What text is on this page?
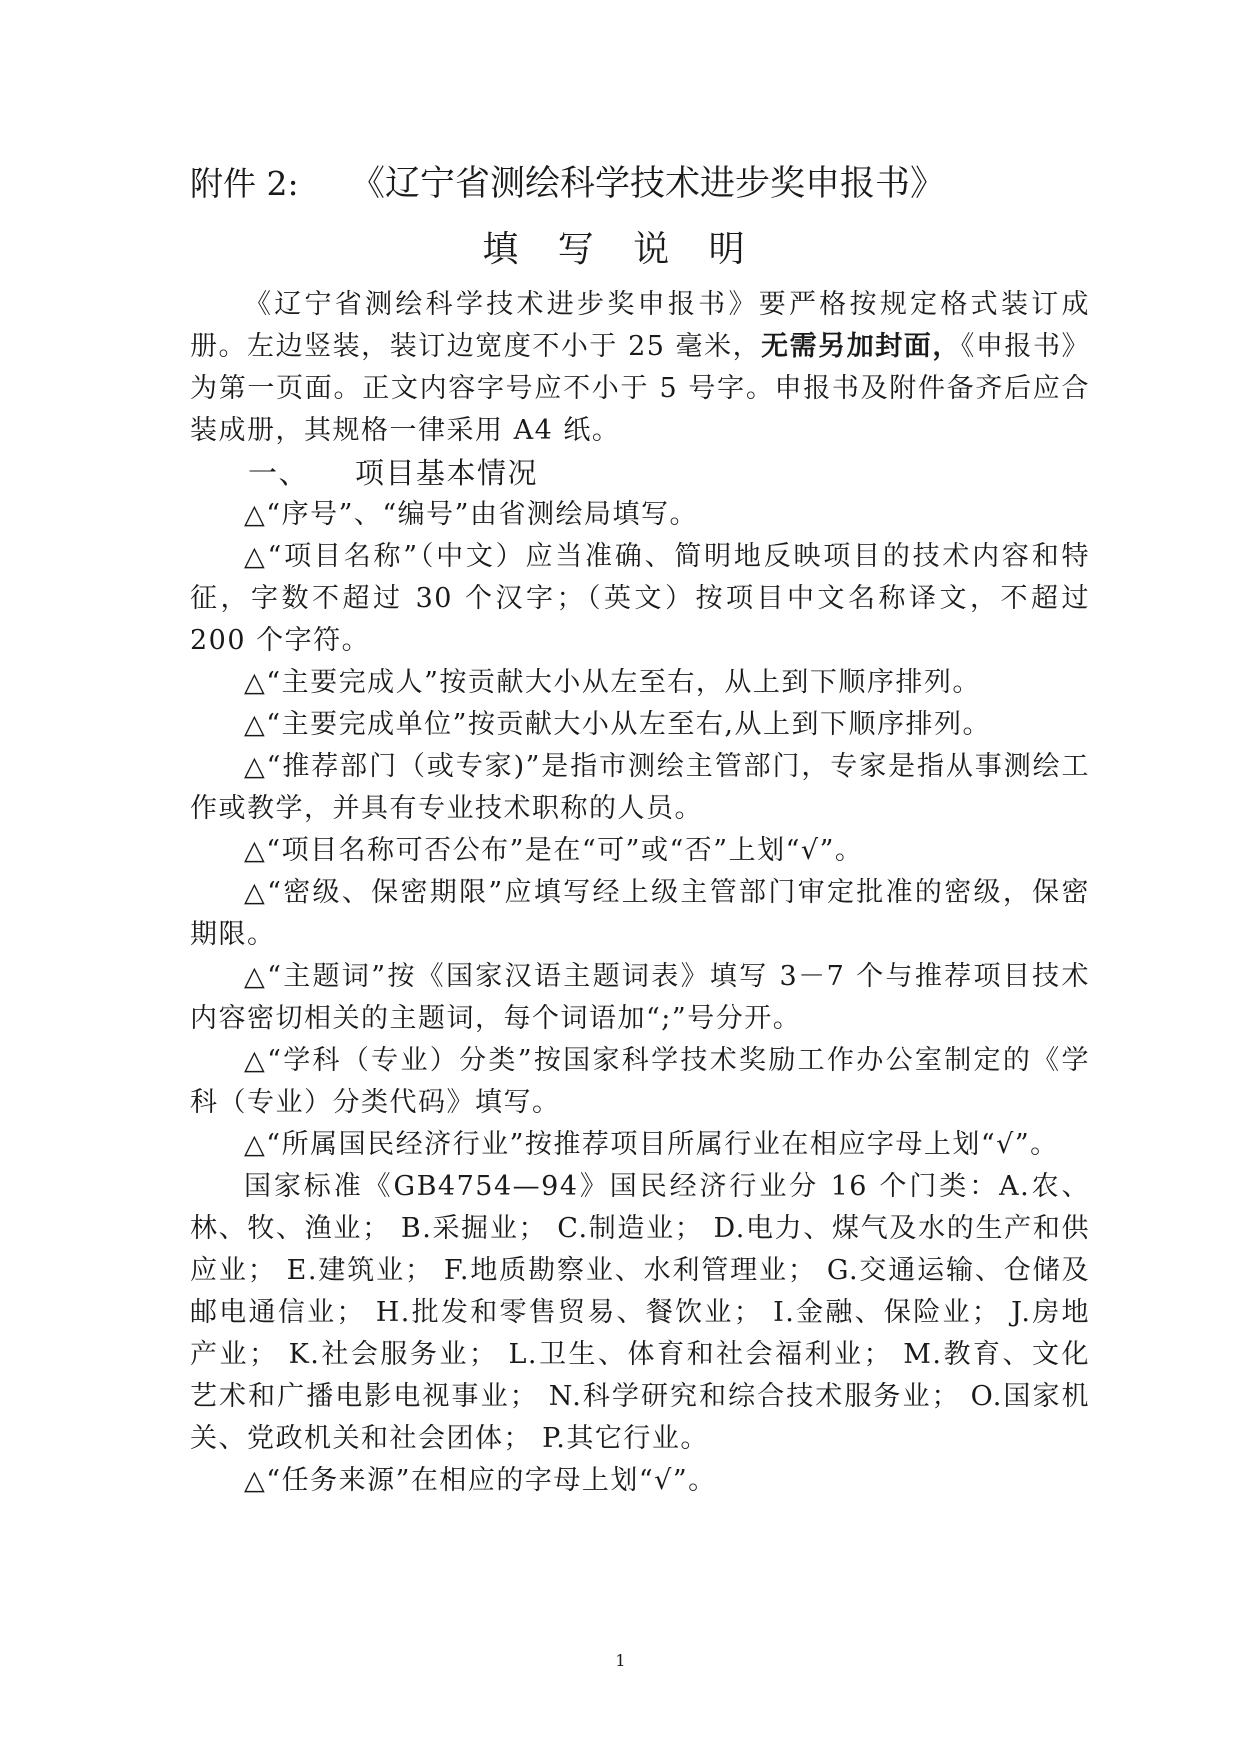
附件 2: 《辽宁省测绘科学技术进步奖申报书》
填 写 说 明

《辽宁省测绘科学技术进步奖申报书》要严格按规定格式装订成册。左边竖装，装订边宽度不小于 25 毫米，无需另加封面，《申报书》为第一页面。正文内容字号应不小于 5 号字。申报书及附件备齐后应合装成册，其规格一律采用 A4 纸。

一、 项目基本情况

△“序号”、“编号”由省测绘局填写。

△“项目名称”（中文）应当准确、简明地反映项目的技术内容和特征，字数不超过 30 个汉字；（英文）按项目中文名称译文，不超过 200 个字符。

△“主要完成人”按贡献大小从左至右，从上到下顺序排列。

△“主要完成单位”按贡献大小从左至右,从上到下顺序排列。

△“推荐部门（或专家)”是指市测绘主管部门，专家是指从事测绘工作或教学，并具有专业技术职称的人员。

△“项目名称可否公布”是在“可”或“否”上划“√”。

△“密级、保密期限”应填写经上级主管部门审定批准的密级，保密期限。

△“主题词”按《国家汉语主题词表》填写 3－7 个与推荐项目技术内容密切相关的主题词，每个词语加“;”号分开。

△“学科（专业）分类”按国家科学技术奖励工作办公室制定的《学科（专业）分类代码》填写。

△“所属国民经济行业”按推荐项目所属行业在相应字母上划“√”。

国家标准《GB4754—94》国民经济行业分 16 个门类：A.农、林、牧、渔业； B.采掘业； C.制造业； D.电力、煤气及水的生产和供应业； E.建筑业； F.地质勘察业、水利管理业； G.交通运输、仓储及邮电通信业； H.批发和零售贸易、餐饮业； I.金融、保险业； J.房地产业； K.社会服务业； L.卫生、体育和社会福利业； M.教育、文化艺术和广播电影电视事业； N.科学研究和综合技术服务业； O.国家机关、党政机关和社会团体； P.其它行业。

△“任务来源”在相应的字母上划“√”。

1
